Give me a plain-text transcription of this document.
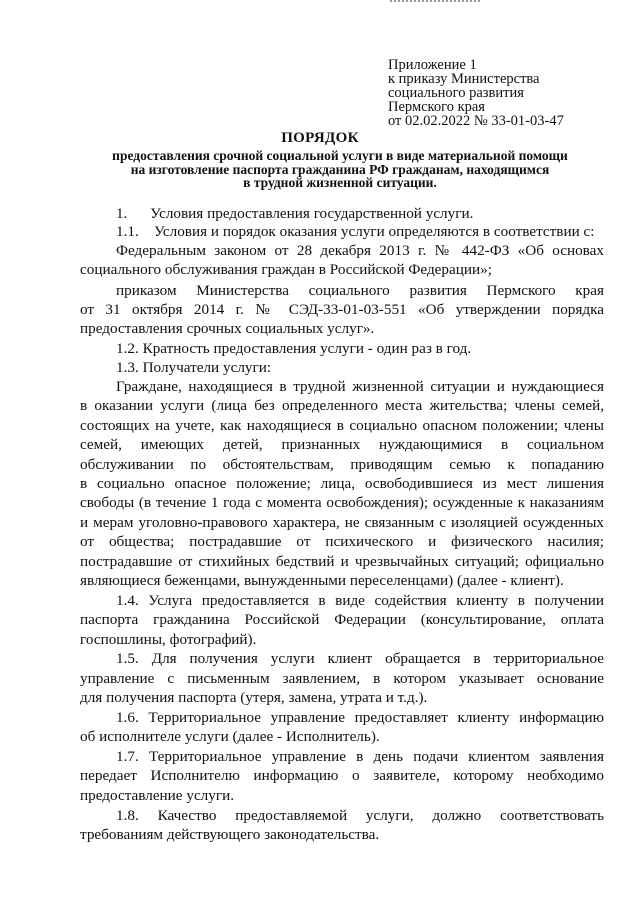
Приложение 1
к приказу Министерства
социального развития
Пермского края
от 02.02.2022 № 33-01-03-47
ПОРЯДОК
предоставления срочной социальной услуги в виде материальной помощи
на изготовление паспорта гражданина РФ гражданам, находящимся
в трудной жизненной ситуации.
1.      Условия предоставления государственной услуги.
1.1.    Условия и порядок оказания услуги определяются в соответствии с:
Федеральным законом от 28 декабря 2013 г. № 442-ФЗ «Об основах
социального обслуживания граждан в Российской Федерации»;
приказом Министерства социального развития Пермского края
от 31 октября 2014 г. № СЭД-33-01-03-551 «Об утверждении порядка
предоставления срочных социальных услуг».
1.2. Кратность предоставления услуги - один раз в год.
1.3. Получатели услуги:
Граждане, находящиеся в трудной жизненной ситуации и нуждающиеся
в оказании услуги (лица без определенного места жительства; члены семей,
состоящих на учете, как находящиеся в социально опасном положении; члены
семей, имеющих детей, признанных нуждающимися в социальном
обслуживании по обстоятельствам, приводящим семью к попаданию
в социально опасное положение; лица, освободившиеся из мест лишения
свободы (в течение 1 года с момента освобождения); осужденные к наказаниям
и мерам уголовно-правового характера, не связанным с изоляцией осужденных
от общества; пострадавшие от психического и физического насилия;
пострадавшие от стихийных бедствий и чрезвычайных ситуаций; официально
являющиеся беженцами, вынужденными переселенцами) (далее - клиент).
1.4. Услуга предоставляется в виде содействия клиенту в получении
паспорта гражданина Российской Федерации (консультирование, оплата
госпошлины, фотографий).
1.5. Для получения услуги клиент обращается в территориальное
управление с письменным заявлением, в котором указывает основание
для получения паспорта (утеря, замена, утрата и т.д.).
1.6. Территориальное управление предоставляет клиенту информацию
об исполнителе услуги (далее - Исполнитель).
1.7. Территориальное управление в день подачи клиентом заявления
передает Исполнителю информацию о заявителе, которому необходимо
предоставление услуги.
1.8. Качество предоставляемой услуги, должно соответствовать
требованиям действующего законодательства.
